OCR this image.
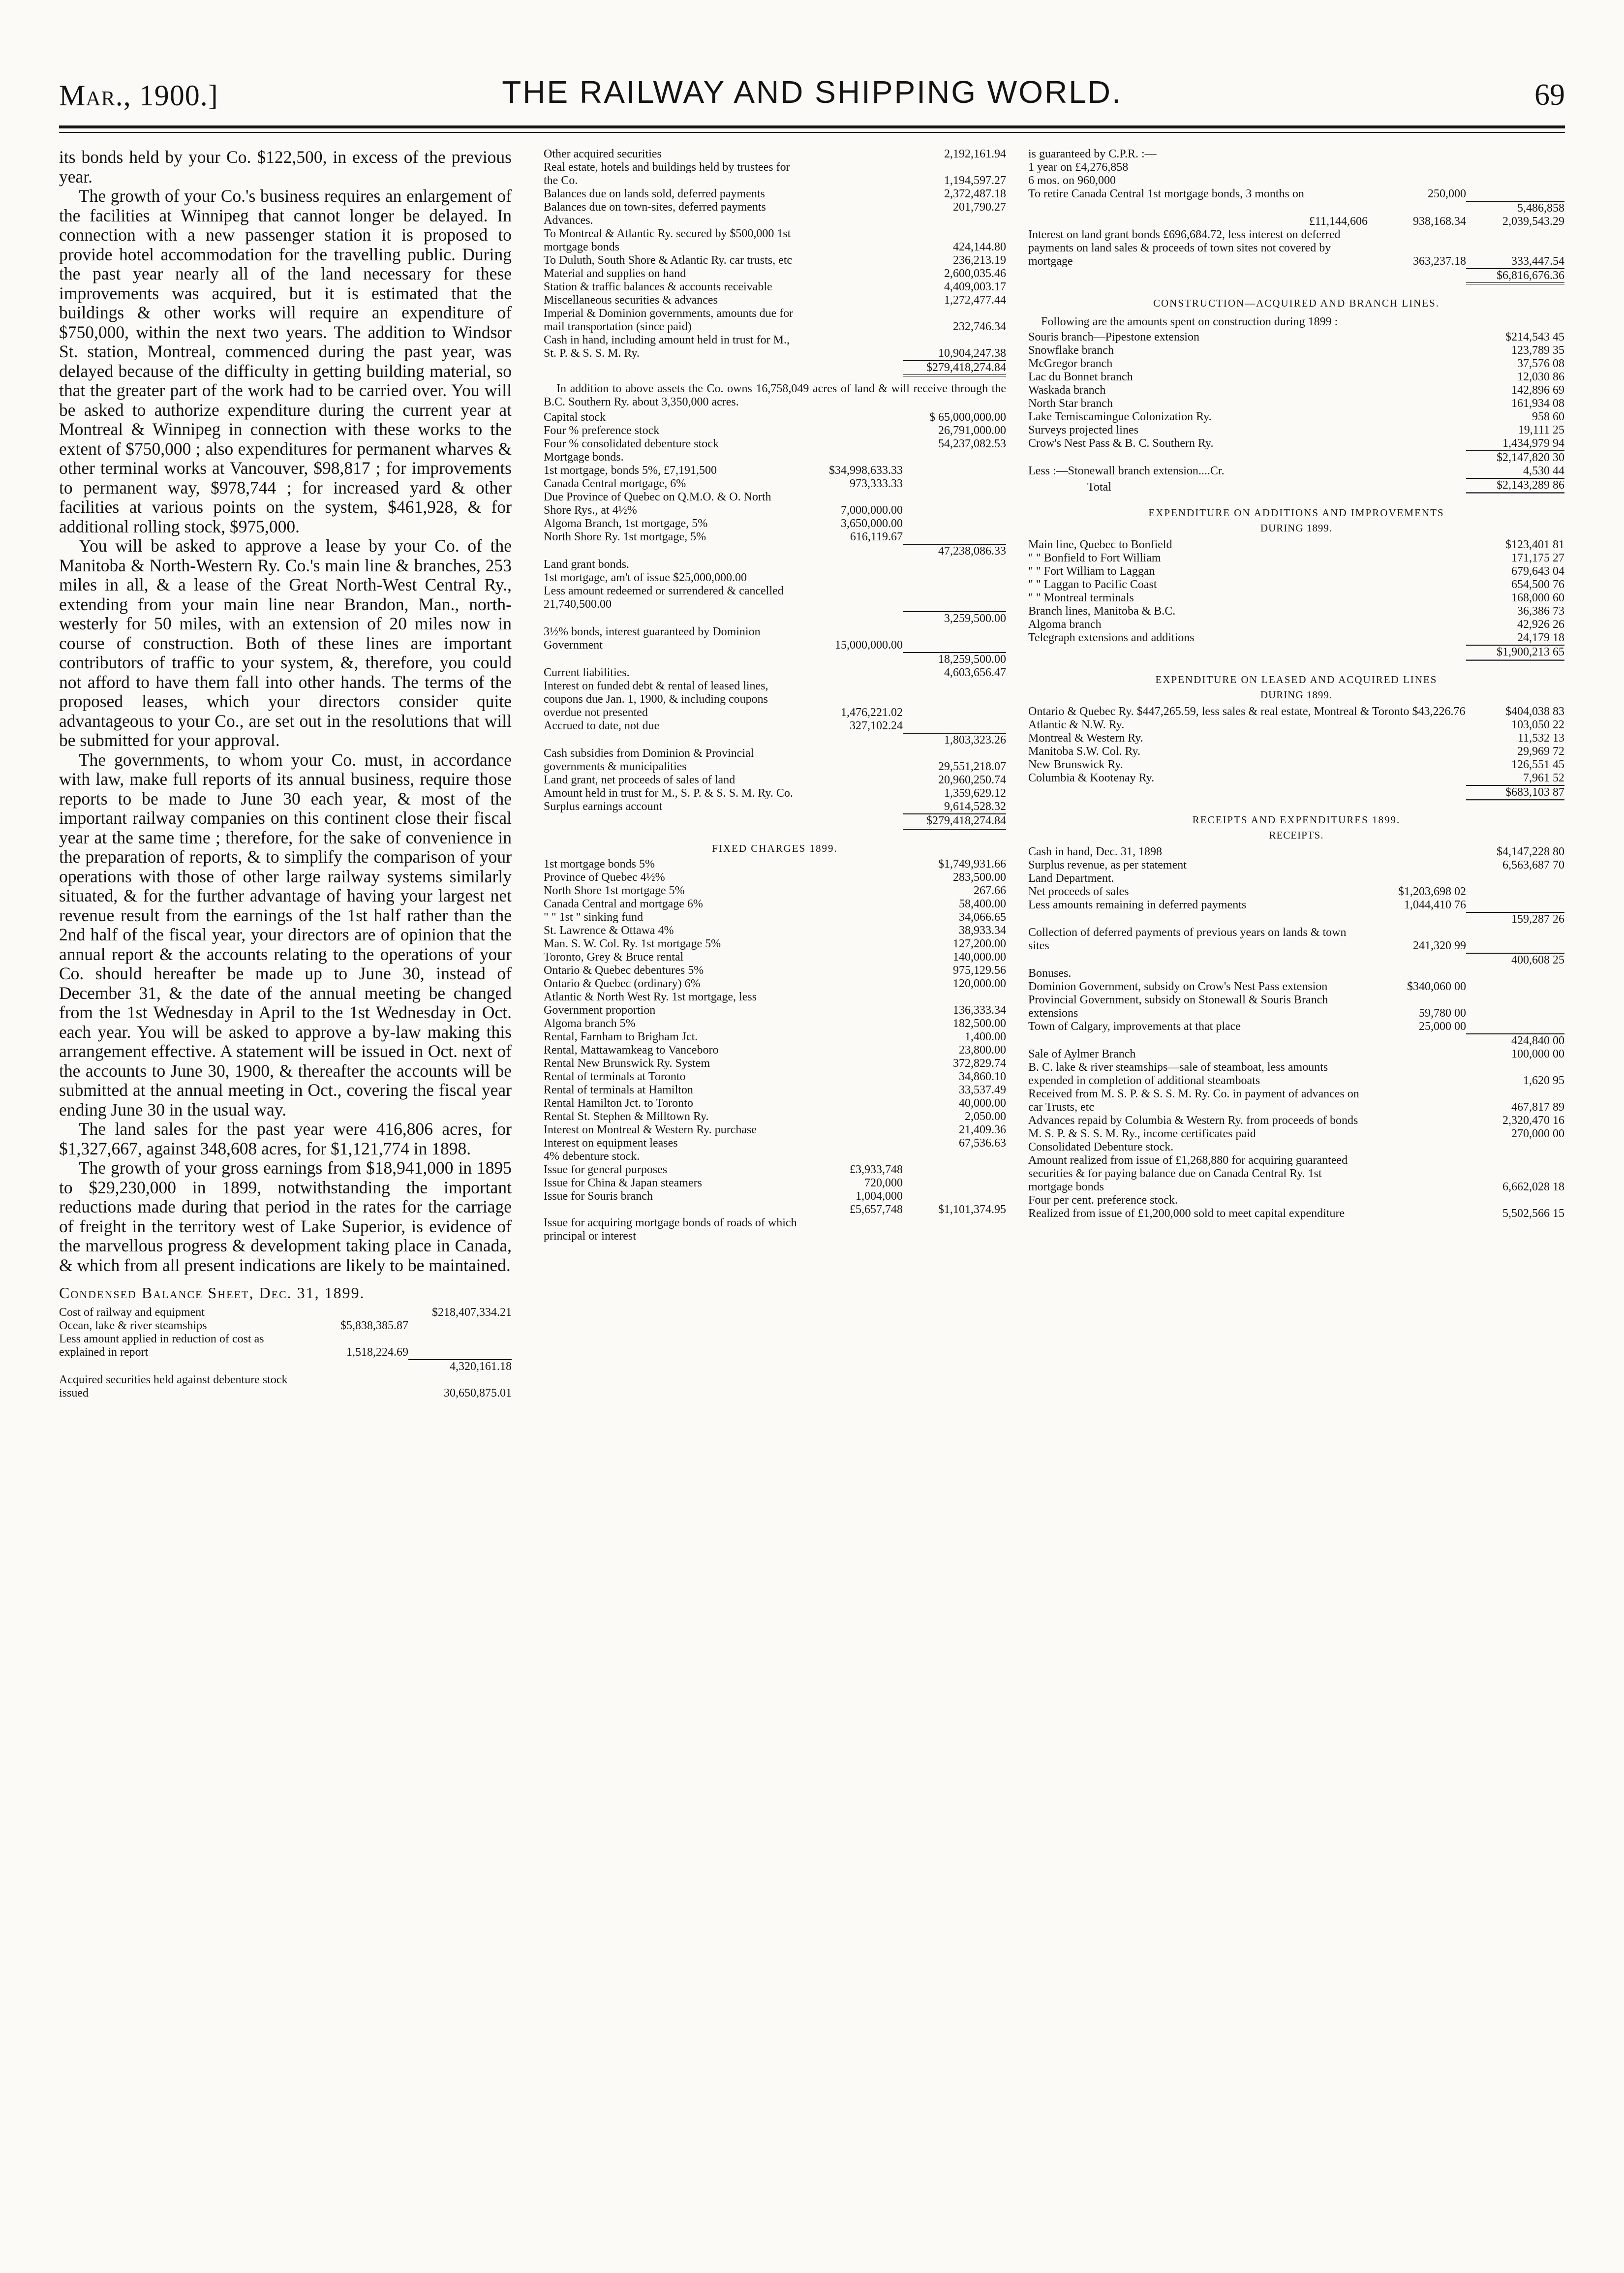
Mar., 1900.]	THE RAILWAY AND SHIPPING WORLD.	69

its bonds held by your Co. $122,500, in excess of the previous year.

The growth of your Co.'s business requires an enlargement of the facilities at Winnipeg that cannot longer be delayed. In connection with a new passenger station it is proposed to provide hotel accommodation for the travelling public. During the past year nearly all of the land necessary for these improvements was acquired, but it is estimated that the buildings & other works will require an expenditure of $750,000, within the next two years. The addition to Windsor St. station, Montreal, commenced during the past year, was delayed because of the difficulty in getting building material, so that the greater part of the work had to be carried over. You will be asked to authorize expenditure during the current year at Montreal & Winnipeg in connection with these works to the extent of $750,000 ; also expenditures for permanent wharves & other terminal works at Vancouver, $98,817 ; for improvements to permanent way, $978,744 ; for increased yard & other facilities at various points on the system, $461,928, & for additional rolling stock, $975,000.

You will be asked to approve a lease by your Co. of the Manitoba & North-Western Ry. Co.'s main line & branches, 253 miles in all, & a lease of the Great North-West Central Ry., extending from your main line near Brandon, Man., north-westerly for 50 miles, with an extension of 20 miles now in course of construction. Both of these lines are important contributors of traffic to your system, &, therefore, you could not afford to have them fall into other hands. The terms of the proposed leases, which your directors consider quite advantageous to your Co., are set out in the resolutions that will be submitted for your approval.

The governments, to whom your Co. must, in accordance with law, make full reports of its annual business, require those reports to be made to June 30 each year, & most of the important railway companies on this continent close their fiscal year at the same time ; therefore, for the sake of convenience in the preparation of reports, & to simplify the comparison of your operations with those of other large railway systems similarly situated, & for the further advantage of having your largest net revenue result from the earnings of the 1st half rather than the 2nd half of the fiscal year, your directors are of opinion that the annual report & the accounts relating to the operations of your Co. should hereafter be made up to June 30, instead of December 31, & the date of the annual meeting be changed from the 1st Wednesday in April to the 1st Wednesday in Oct. each year. You will be asked to approve a by-law making this arrangement effective. A statement will be issued in Oct. next of the accounts to June 30, 1900, & thereafter the accounts will be submitted at the annual meeting in Oct., covering the fiscal year ending June 30 in the usual way.

The land sales for the past year were 416,806 acres, for $1,327,667, against 348,608 acres, for $1,121,774 in 1898.

The growth of your gross earnings from $18,941,000 in 1895 to $29,230,000 in 1899, notwithstanding the important reductions made during that period in the rates for the carriage of freight in the territory west of Lake Superior, is evidence of the marvellous progress & development taking place in Canada, & which from all present indications are likely to be maintained.

Condensed Balance Sheet, Dec. 31, 1899.
Cost of railway and equipment	$218,407,334.21
Ocean, lake & river steamships	$5,838,385.87
Less amount applied in reduction of cost as explained in report	1,518,224.69
4,320,161.18
Acquired securities held against debenture stock issued	30,650,875.01
Other acquired securities	2,192,161.94
Real estate, hotels and buildings held by trustees for the Co.	1,194,597.27
Balances due on lands sold, deferred payments	2,372,487.18
Balances due on town-sites, deferred payments	201,790.27
Advances.
To Montreal & Atlantic Ry. secured by $500,000 1st mortgage bonds	424,144.80
To Duluth, South Shore & Atlantic Ry. car trusts, etc	236,213.19
Material and supplies on hand	2,600,035.46
Station & traffic balances & accounts receivable	4,409,003.17
Miscellaneous securities & advances	1,272,477.44
Imperial & Dominion governments, amounts due for mail transportation (since paid)	232,746.34
Cash in hand, including amount held in trust for M., St. P. & S. S. M. Ry.	10,904,247.38
$279,418,274.84
In addition to above assets the Co. owns 16,758,049 acres of land & will receive through the B.C. Southern Ry. about 3,350,000 acres.
Capital stock	$ 65,000,000.00
Four % preference stock	26,791,000.00
Four % consolidated debenture stock	54,237,082.53
Mortgage bonds.
1st mortgage, bonds 5%, £7,191,500	$34,998,633.33
Canada Central mortgage, 6%	973,333.33
Due Province of Quebec on Q.M.O. & O. North Shore Rys., at 4½%	7,000,000.00
Algoma Branch, 1st mortgage, 5%	3,650,000.00
North Shore Ry. 1st mortgage, 5%	616,119.67
47,238,086.33
Land grant bonds.
1st mortgage, am't of issue $25,000,000.00
Less amount redeemed or surrendered & cancelled 21,740,500.00
3,259,500.00
3½% bonds, interest guaranteed by Dominion Government	15,000,000.00
18,259,500.00
Current liabilities.	4,603,656.47
Interest on funded debt & rental of leased lines, coupons due Jan. 1, 1900, & including coupons overdue not presented	1,476,221.02
Accrued to date, not due	327,102.24
1,803,323.26
Cash subsidies from Dominion & Provincial governments & municipalities	29,551,218.07
Land grant, net proceeds of sales of land	20,960,250.74
Amount held in trust for M., S. P. & S. S. M. Ry. Co.	1,359,629.12
Surplus earnings account	9,614,528.32
$279,418,274.84
FIXED CHARGES 1899.
1st mortgage bonds 5%	$1,749,931.66
Province of Quebec 4½%	283,500.00
North Shore 1st mortgage 5%	267.66
Canada Central and mortgage 6%	58,400.00
" " 1st " sinking fund	34,066.65
St. Lawrence & Ottawa 4%	38,933.34
Man. S. W. Col. Ry. 1st mortgage 5%	127,200.00
Toronto, Grey & Bruce rental	140,000.00
Ontario & Quebec debentures 5%	975,129.56
Ontario & Quebec (ordinary) 6%	120,000.00
Atlantic & North West Ry. 1st mortgage, less Government proportion	136,333.34
Algoma branch 5%	182,500.00
Rental, Farnham to Brigham Jct.	1,400.00
Rental, Mattawamkeag to Vanceboro	23,800.00
Rental New Brunswick Ry. System	372,829.74
Rental of terminals at Toronto	34,860.10
Rental of terminals at Hamilton	33,537.49
Rental Hamilton Jct. to Toronto	40,000.00
Rental St. Stephen & Milltown Ry.	2,050.00
Interest on Montreal & Western Ry. purchase	21,409.36
Interest on equipment leases	67,536.63
4% debenture stock.
Issue for general purposes	£3,933,748
Issue for China & Japan steamers	720,000
Issue for Souris branch	1,004,000
£5,657,748	$1,101,374.95
Issue for acquiring mortgage bonds of roads of which principal or interest
is guaranteed by C.P.R. :—
1 year on £4,276,858
6 mos. on 960,000
To retire Canada Central 1st mortgage bonds, 3 months on	250,000
5,486,858
£11,144,606	938,168.34	2,039,543.29
Interest on land grant bonds £696,684.72, less interest on deferred payments on land sales & proceeds of town sites not covered by mortgage	363,237.18	333,447.54
$6,816,676.36
CONSTRUCTION—ACQUIRED AND BRANCH LINES.
Following are the amounts spent on construction during 1899 :
Souris branch—Pipestone extension	$214,543 45
Snowflake branch	123,789 35
McGregor branch	37,576 08
Lac du Bonnet branch	12,030 86
Waskada branch	142,896 69
North Star branch	161,934 08
Lake Temiscamingue Colonization Ry.	958 60
Surveys projected lines	19,111 25
Crow's Nest Pass & B. C. Southern Ry.	1,434,979 94
$2,147,820 30
Less :—Stonewall branch extension....Cr.	4,530 44
Total	$2,143,289 86
EXPENDITURE ON ADDITIONS AND IMPROVEMENTS
DURING 1899.
Main line, Quebec to Bonfield	$123,401 81
" " Bonfield to Fort William	171,175 27
" " Fort William to Laggan	679,643 04
" " Laggan to Pacific Coast	654,500 76
" " Montreal terminals	168,000 60
Branch lines, Manitoba & B.C.	36,386 73
Algoma branch	42,926 26
Telegraph extensions and additions	24,179 18
$1,900,213 65
EXPENDITURE ON LEASED AND ACQUIRED LINES
DURING 1899.
Ontario & Quebec Ry. $447,265.59, less sales & real estate, Montreal & Toronto $43,226.76	$404,038 83
Atlantic & N.W. Ry.	103,050 22
Montreal & Western Ry.	11,532 13
Manitoba S.W. Col. Ry.	29,969 72
New Brunswick Ry.	126,551 45
Columbia & Kootenay Ry.	7,961 52
$683,103 87
RECEIPTS AND EXPENDITURES 1899.
RECEIPTS.
Cash in hand, Dec. 31, 1898	$4,147,228 80
Surplus revenue, as per statement	6,563,687 70
Land Department.
Net proceeds of sales	$1,203,698 02
Less amounts remaining in deferred payments	1,044,410 76
159,287 26
Collection of deferred payments of previous years on lands & town sites	241,320 99
400,608 25
Bonuses.
Dominion Government, subsidy on Crow's Nest Pass extension	$340,060 00
Provincial Government, subsidy on Stonewall & Souris Branch extensions	59,780 00
Town of Calgary, improvements at that place	25,000 00
424,840 00
Sale of Aylmer Branch	100,000 00
B. C. lake & river steamships—sale of steamboat, less amounts expended in completion of additional steamboats	1,620 95
Received from M. S. P. & S. S. M. Ry. Co. in payment of advances on car Trusts, etc	467,817 89
Advances repaid by Columbia & Western Ry. from proceeds of bonds	2,320,470 16
M. S. P. & S. S. M. Ry., income certificates paid	270,000 00
Consolidated Debenture stock.
Amount realized from issue of £1,268,880 for acquiring guaranteed securities & for paying balance due on Canada Central Ry. 1st mortgage bonds	6,662,028 18
Four per cent. preference stock.
Realized from issue of £1,200,000 sold to meet capital expenditure	5,502,566 15
